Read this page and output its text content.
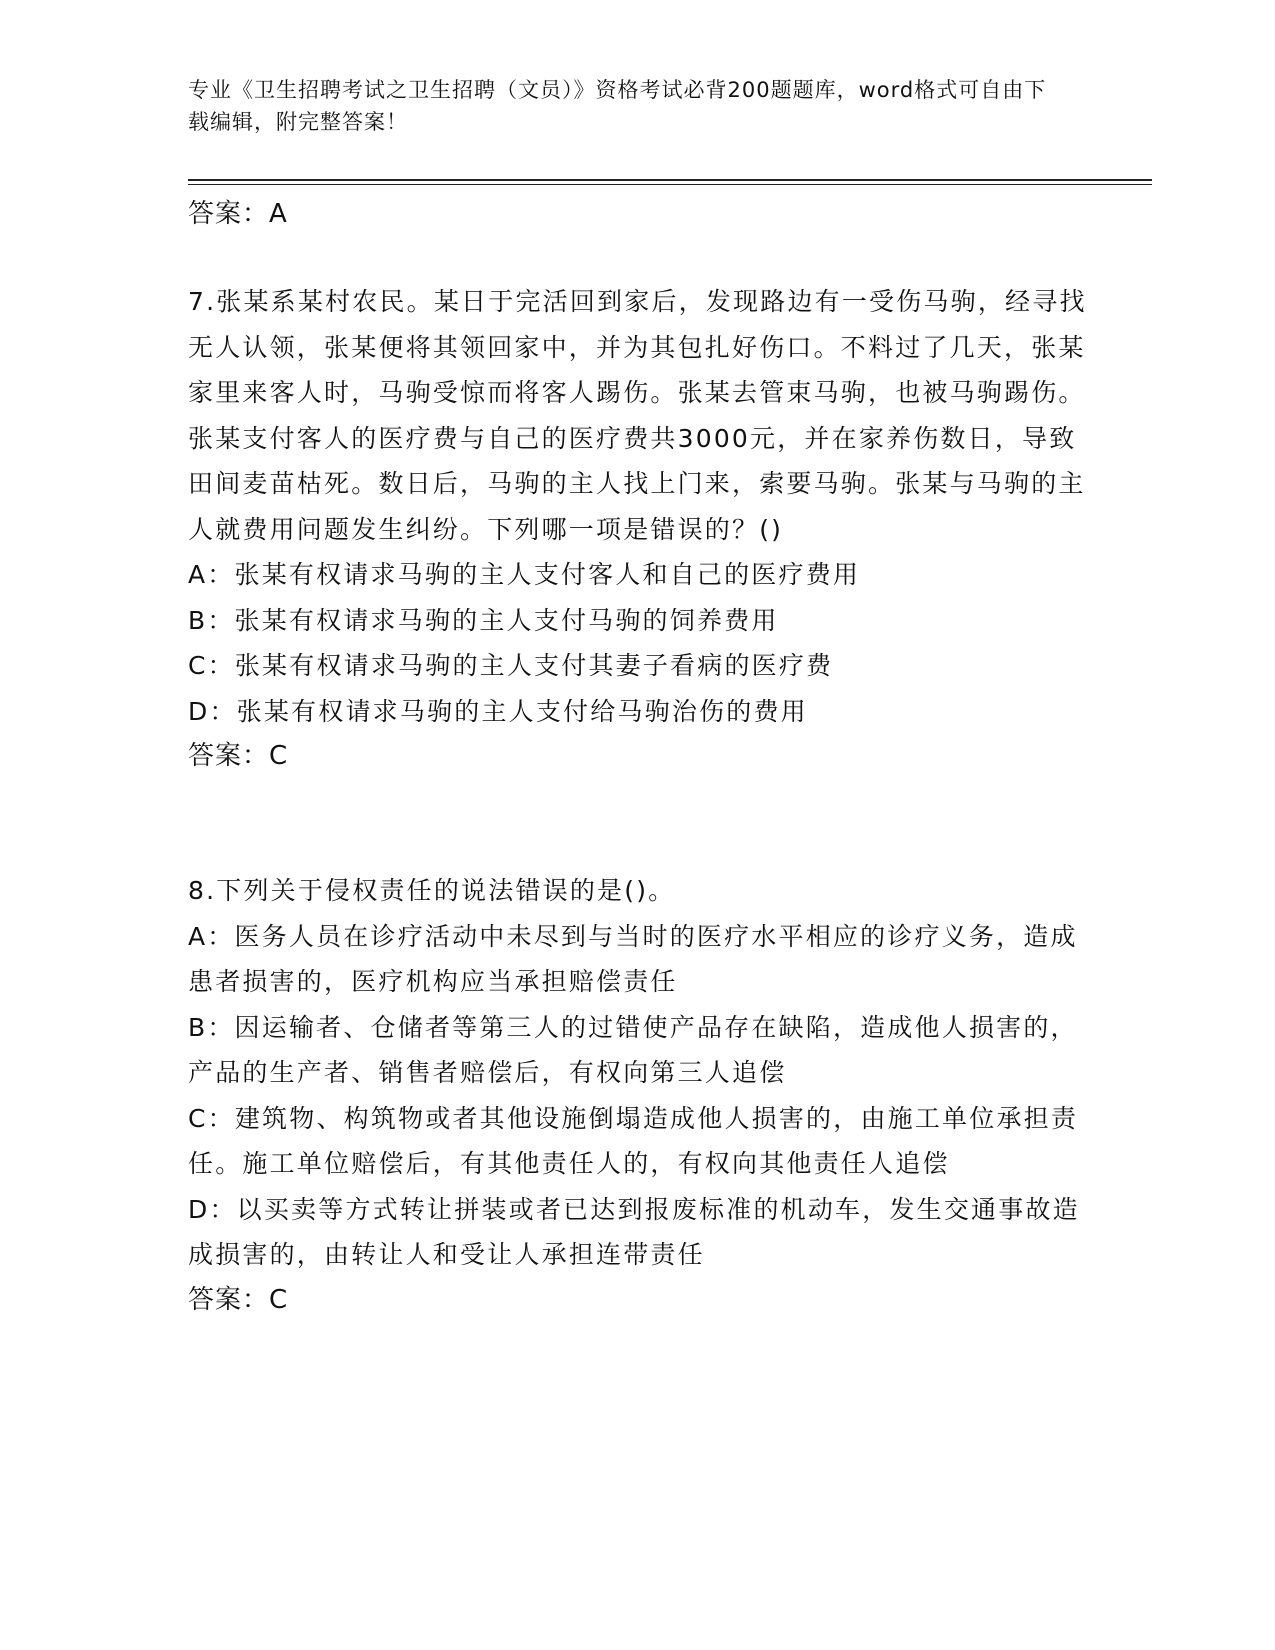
专业《卫生招聘考试之卫生招聘（文员）》资格考试必背200题题库，word格式可自由下载编辑，附完整答案！
答案：A

7.张某系某村农民。某日于完活回到家后，发现路边有一受伤马驹，经寻找无人认领，张某便将其领回家中，并为其包扎好伤口。不料过了几天，张某家里来客人时，马驹受惊而将客人踢伤。张某去管束马驹，也被马驹踢伤。张某支付客人的医疗费与自己的医疗费共3000元，并在家养伤数日，导致田间麦苗枯死。数日后，马驹的主人找上门来，索要马驹。张某与马驹的主人就费用问题发生纠纷。下列哪一项是错误的？()

A：张某有权请求马驹的主人支付客人和自己的医疗费用

B：张某有权请求马驹的主人支付马驹的饲养费用

C：张某有权请求马驹的主人支付其妻子看病的医疗费

D：张某有权请求马驹的主人支付给马驹治伤的费用

答案：C

8.下列关于侵权责任的说法错误的是()。

A：医务人员在诊疗活动中未尽到与当时的医疗水平相应的诊疗义务，造成患者损害的，医疗机构应当承担赔偿责任

B：因运输者、仓储者等第三人的过错使产品存在缺陷，造成他人损害的，产品的生产者、销售者赔偿后，有权向第三人追偿

C：建筑物、构筑物或者其他设施倒塌造成他人损害的，由施工单位承担责任。施工单位赔偿后，有其他责任人的，有权向其他责任人追偿

D：以买卖等方式转让拼装或者已达到报废标准的机动车，发生交通事故造成损害的，由转让人和受让人承担连带责任

答案：C
